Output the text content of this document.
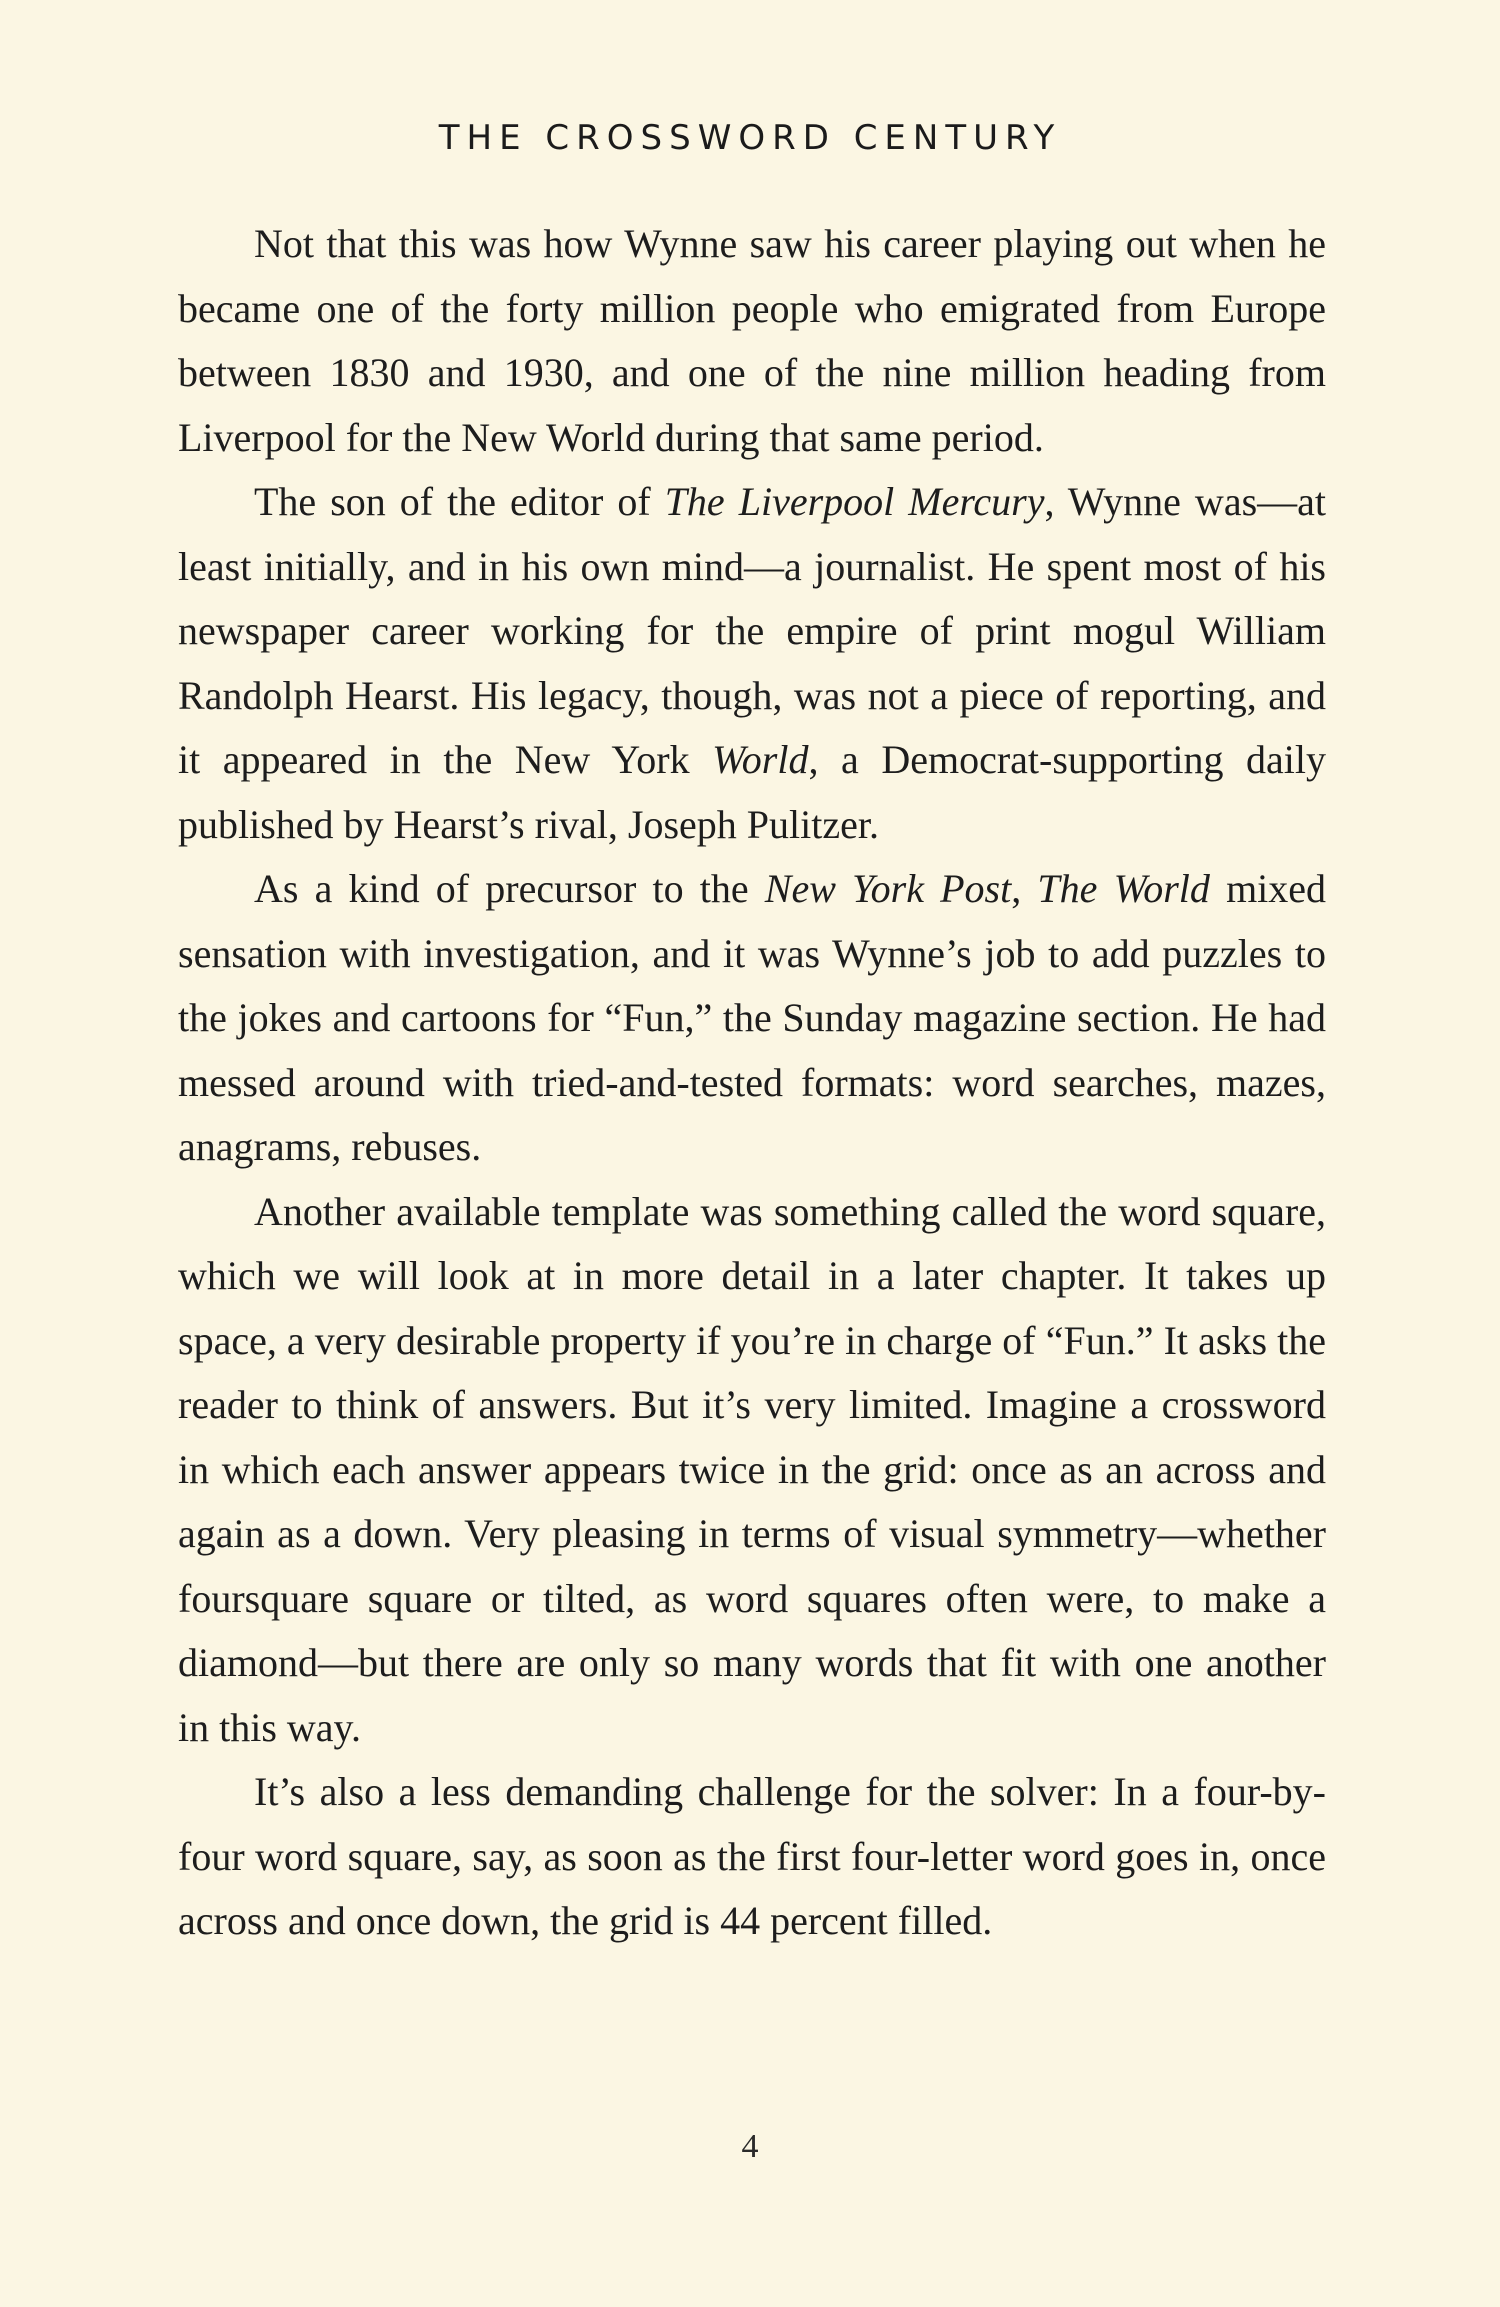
THE CROSSWORD CENTURY

Not that this was how Wynne saw his career playing out when he became one of the forty million people who emigrated from Europe between 1830 and 1930, and one of the nine million heading from Liverpool for the New World during that same period.

The son of the editor of The Liverpool Mercury, Wynne was—at least initially, and in his own mind—a journalist. He spent most of his newspaper career working for the empire of print mogul William Randolph Hearst. His legacy, though, was not a piece of reporting, and it appeared in the New York World, a Democrat-supporting daily published by Hearst’s rival, Joseph Pulitzer.

As a kind of precursor to the New York Post, The World mixed sensation with investigation, and it was Wynne’s job to add puzzles to the jokes and cartoons for “Fun,” the Sunday magazine section. He had messed around with tried-and-tested formats: word searches, mazes, anagrams, rebuses.

Another available template was something called the word square, which we will look at in more detail in a later chapter. It takes up space, a very desirable property if you’re in charge of “Fun.” It asks the reader to think of answers. But it’s very limited. Imagine a crossword in which each answer appears twice in the grid: once as an across and again as a down. Very pleasing in terms of visual symmetry—whether foursquare square or tilted, as word squares often were, to make a diamond—but there are only so many words that fit with one another in this way.

It’s also a less demanding challenge for the solver: In a four-by-four word square, say, as soon as the first four-letter word goes in, once across and once down, the grid is 44 percent filled.

4
